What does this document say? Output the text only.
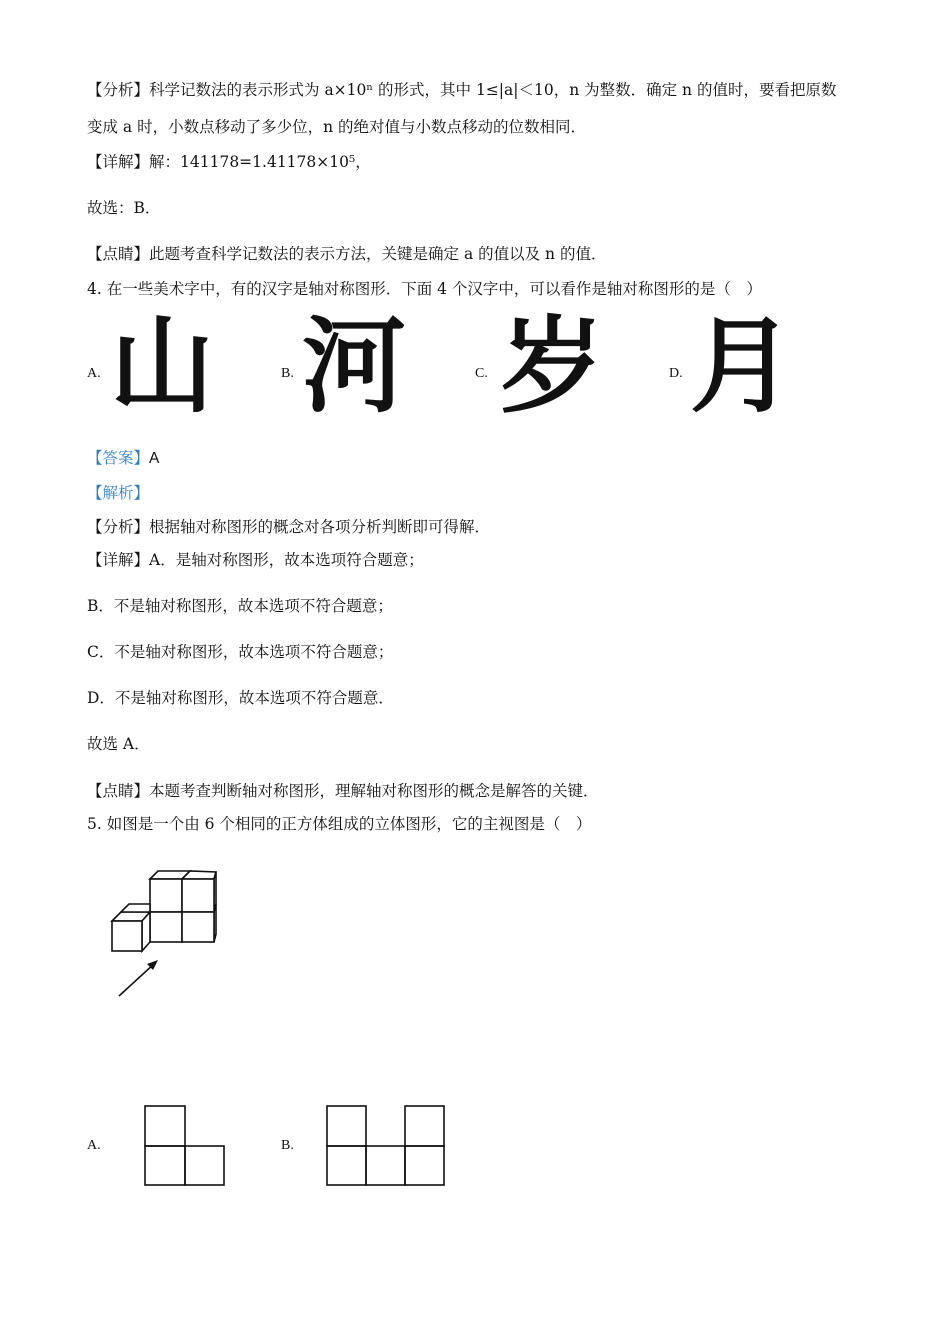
【分析】科学记数法的表示形式为 a×10ⁿ 的形式，其中 1≤|a|＜10，n 为整数．确定 n 的值时，要看把原数
变成 a 时，小数点移动了多少位，n 的绝对值与小数点移动的位数相同．
【详解】解：141178=1.41178×10⁵，
故选：B．
【点睛】此题考查科学记数法的表示方法，关键是确定 a 的值以及 n 的值．
4. 在一些美术字中，有的汉字是轴对称图形．下面 4 个汉字中，可以看作是轴对称图形的是（　）
A. 山	B. 河	C. 岁	D. 月
【答案】A
【解析】
【分析】根据轴对称图形的概念对各项分析判断即可得解．
【详解】A．是轴对称图形，故本选项符合题意；
B．不是轴对称图形，故本选项不符合题意；
C．不是轴对称图形，故本选项不符合题意；
D．不是轴对称图形，故本选项不符合题意．
故选 A．
【点睛】本题考查判断轴对称图形，理解轴对称图形的概念是解答的关键．
5. 如图是一个由 6 个相同的正方体组成的立体图形，它的主视图是（　）
A.	B.
